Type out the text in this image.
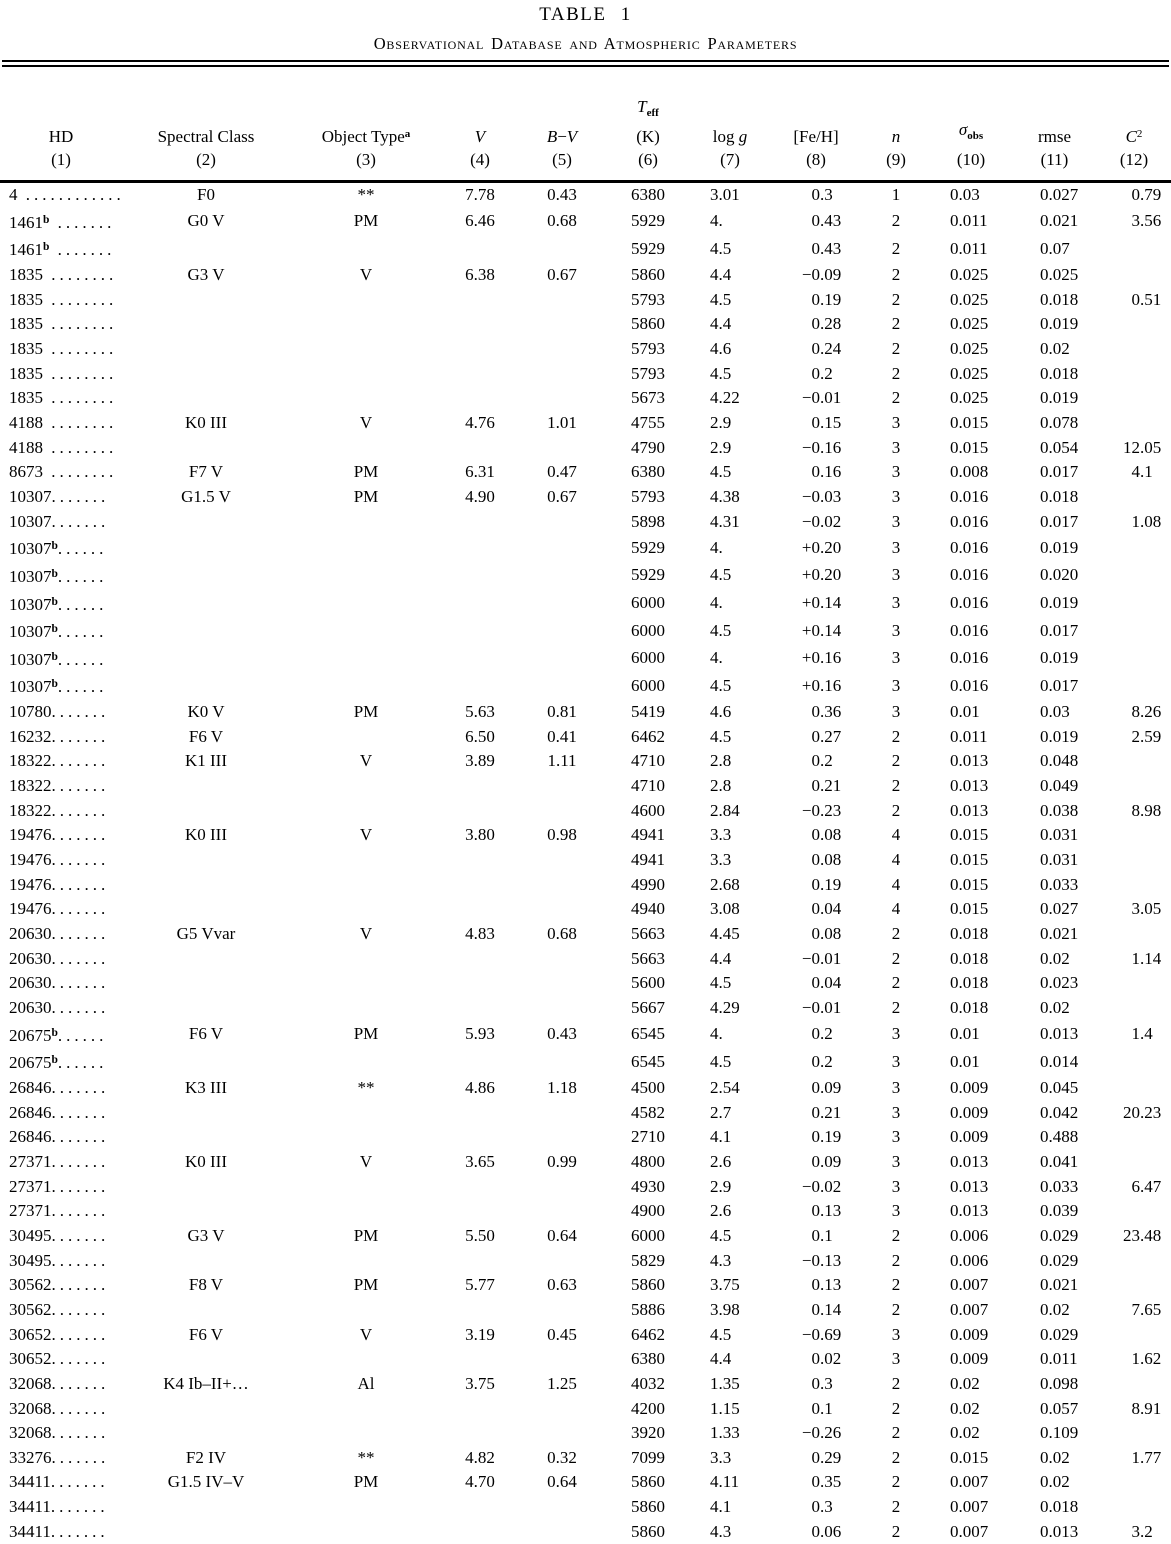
TABLE 1
Observational Database and Atmospheric Parameters
HD
(1)

Spectral Class
(2)

Object Type$^a$
(3)

V
(4)

B−V
(5)

$T_{eff}$
(K)
(6)

log g
(7)

[Fe/H]
(8)

n
(9)

$\sigma_{obs}$
(10)

rmse
(11)

$C^2$
(12)

4 ............	F0	**	7.78	0.43	6380	3.01	0.3	1	0.03	0.027	0.79
1461$^b$ .......	G0 V	PM	6.46	0.68	5929	4.	0.43	2	0.011	0.021	3.56
1461$^b$ .......					5929	4.5	0.43	2	0.011	0.07	
1835 ........	G3 V	V	6.38	0.67	5860	4.4	−0.09	2	0.025	0.025	
1835 ........					5793	4.5	0.19	2	0.025	0.018	0.51
1835 ........					5860	4.4	0.28	2	0.025	0.019	
1835 ........					5793	4.6	0.24	2	0.025	0.02	
1835 ........					5793	4.5	0.2	2	0.025	0.018	
1835 ........					5673	4.22	−0.01	2	0.025	0.019	
4188 ........	K0 III	V	4.76	1.01	4755	2.9	0.15	3	0.015	0.078	
4188 ........					4790	2.9	−0.16	3	0.015	0.054	12.05
8673 ........	F7 V	PM	6.31	0.47	6380	4.5	0.16	3	0.008	0.017	4.1
10307.......	G1.5 V	PM	4.90	0.67	5793	4.38	−0.03	3	0.016	0.018	
10307.......					5898	4.31	−0.02	3	0.016	0.017	1.08
10307$^b$......					5929	4.	+0.20	3	0.016	0.019	
10307$^b$......					5929	4.5	+0.20	3	0.016	0.020	
10307$^b$......					6000	4.	+0.14	3	0.016	0.019	
10307$^b$......					6000	4.5	+0.14	3	0.016	0.017	
10307$^b$......					6000	4.	+0.16	3	0.016	0.019	
10307$^b$......					6000	4.5	+0.16	3	0.016	0.017	
10780.......	K0 V	PM	5.63	0.81	5419	4.6	0.36	3	0.01	0.03	8.26
16232.......	F6 V		6.50	0.41	6462	4.5	0.27	2	0.011	0.019	2.59
18322.......	K1 III	V	3.89	1.11	4710	2.8	0.2	2	0.013	0.048	
18322.......					4710	2.8	0.21	2	0.013	0.049	
18322.......					4600	2.84	−0.23	2	0.013	0.038	8.98
19476.......	K0 III	V	3.80	0.98	4941	3.3	0.08	4	0.015	0.031	
19476.......					4941	3.3	0.08	4	0.015	0.031	
19476.......					4990	2.68	0.19	4	0.015	0.033	
19476.......					4940	3.08	0.04	4	0.015	0.027	3.05
20630.......	G5 Vvar	V	4.83	0.68	5663	4.45	0.08	2	0.018	0.021	
20630.......					5663	4.4	−0.01	2	0.018	0.02	1.14
20630.......					5600	4.5	0.04	2	0.018	0.023	
20630.......					5667	4.29	−0.01	2	0.018	0.02	
20675$^b$......	F6 V	PM	5.93	0.43	6545	4.	0.2	3	0.01	0.013	1.4
20675$^b$......					6545	4.5	0.2	3	0.01	0.014	
26846.......	K3 III	**	4.86	1.18	4500	2.54	0.09	3	0.009	0.045	
26846.......					4582	2.7	0.21	3	0.009	0.042	20.23
26846.......					2710	4.1	0.19	3	0.009	0.488	
27371.......	K0 III	V	3.65	0.99	4800	2.6	0.09	3	0.013	0.041	
27371.......					4930	2.9	−0.02	3	0.013	0.033	6.47
27371.......					4900	2.6	0.13	3	0.013	0.039	
30495.......	G3 V	PM	5.50	0.64	6000	4.5	0.1	2	0.006	0.029	23.48
30495.......					5829	4.3	−0.13	2	0.006	0.029	
30562.......	F8 V	PM	5.77	0.63	5860	3.75	0.13	2	0.007	0.021	
30562.......					5886	3.98	0.14	2	0.007	0.02	7.65
30652.......	F6 V	V	3.19	0.45	6462	4.5	−0.69	3	0.009	0.029	
30652.......					6380	4.4	0.02	3	0.009	0.011	1.62
32068.......	K4 Ib–II+…	Al	3.75	1.25	4032	1.35	0.3	2	0.02	0.098	
32068.......					4200	1.15	0.1	2	0.02	0.057	8.91
32068.......					3920	1.33	−0.26	2	0.02	0.109	
33276.......	F2 IV	**	4.82	0.32	7099	3.3	0.29	2	0.015	0.02	1.77
34411.......	G1.5 IV–V	PM	4.70	0.64	5860	4.11	0.35	2	0.007	0.02	
34411.......					5860	4.1	0.3	2	0.007	0.018	
34411.......					5860	4.3	0.06	2	0.007	0.013	3.2
